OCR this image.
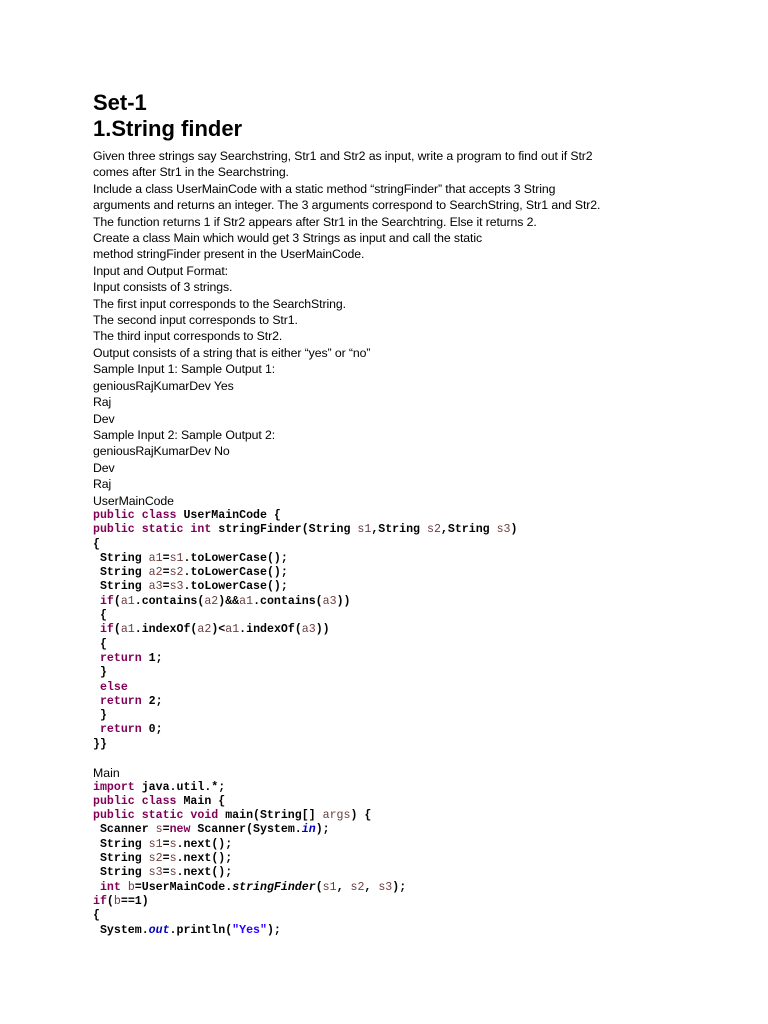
Set-1
1.String finder

Given three strings say Searchstring, Str1 and Str2 as input, write a program to find out if Str2

comes after Str1 in the Searchstring.

Include a class UserMainCode with a static method “stringFinder” that accepts 3 String

arguments and returns an integer. The 3 arguments correspond to SearchString, Str1 and Str2.

The function returns 1 if Str2 appears after Str1 in the Searchtring. Else it returns 2.

Create a class Main which would get 3 Strings as input and call the static

method stringFinder present in the UserMainCode.

Input and Output Format:

Input consists of 3 strings.

The first input corresponds to the SearchString.

The second input corresponds to Str1.

The third input corresponds to Str2.

Output consists of a string that is either “yes” or “no”

Sample Input 1: Sample Output 1:

geniousRajKumarDev Yes

Raj

Dev

Sample Input 2: Sample Output 2:

geniousRajKumarDev No

Dev

Raj

UserMainCode

public class UserMainCode {

public static int stringFinder(String s1,String s2,String s3)

{

String a1=s1.toLowerCase();

String a2=s2.toLowerCase();

String a3=s3.toLowerCase();

if(a1.contains(a2)&&a1.contains(a3))

{

if(a1.indexOf(a2)<a1.indexOf(a3))

{

return 1;

}

else

return 2;

}

return 0;

}}

Main

import java.util.*;

public class Main {

public static void main(String[] args) {

Scanner s=new Scanner(System.in);

String s1=s.next();

String s2=s.next();

String s3=s.next();

int b=UserMainCode.stringFinder(s1, s2, s3);

if(b==1)

{

System.out.println("Yes");
